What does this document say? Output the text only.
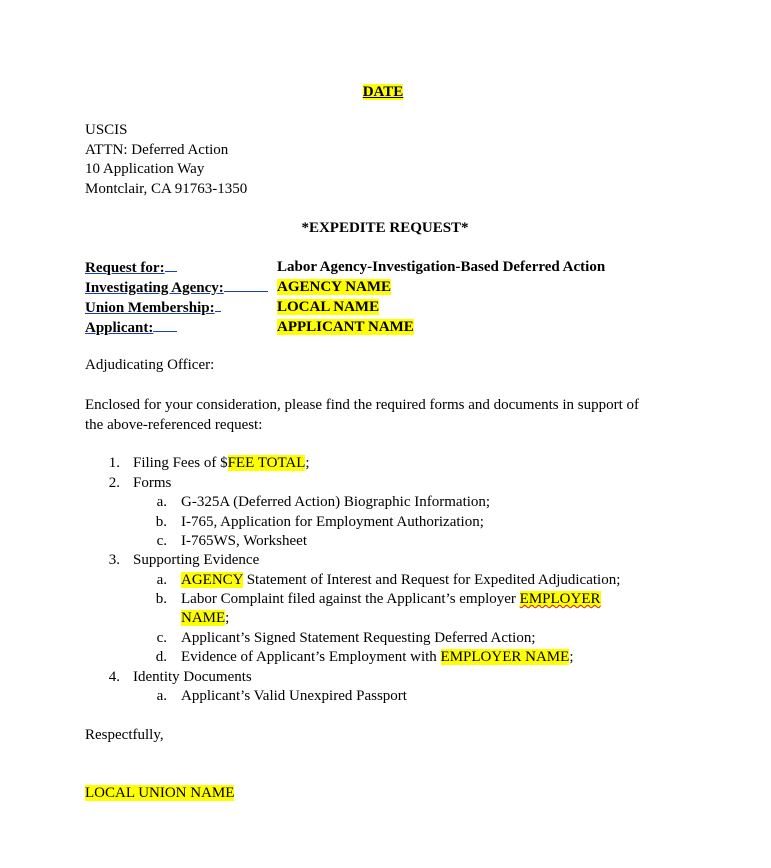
DATE
USCIS
ATTN: Deferred Action
10 Application Way
Montclair, CA 91763-1350
*EXPEDITE REQUEST*
Request for:	Labor Agency-Investigation-Based Deferred Action
Investigating Agency:	AGENCY NAME
Union Membership:	LOCAL NAME
Applicant:	APPLICANT NAME
Adjudicating Officer:
Enclosed for your consideration, please find the required forms and documents in support of
the above-referenced request:
1. Filing Fees of $FEE TOTAL;
2. Forms
a. G-325A (Deferred Action) Biographic Information;
b. I-765, Application for Employment Authorization;
c. I-765WS, Worksheet
3. Supporting Evidence
a. AGENCY Statement of Interest and Request for Expedited Adjudication;
b. Labor Complaint filed against the Applicant’s employer EMPLOYER
NAME;
c. Applicant’s Signed Statement Requesting Deferred Action;
d. Evidence of Applicant’s Employment with EMPLOYER NAME;
4. Identity Documents
a. Applicant’s Valid Unexpired Passport
Respectfully,
LOCAL UNION NAME
